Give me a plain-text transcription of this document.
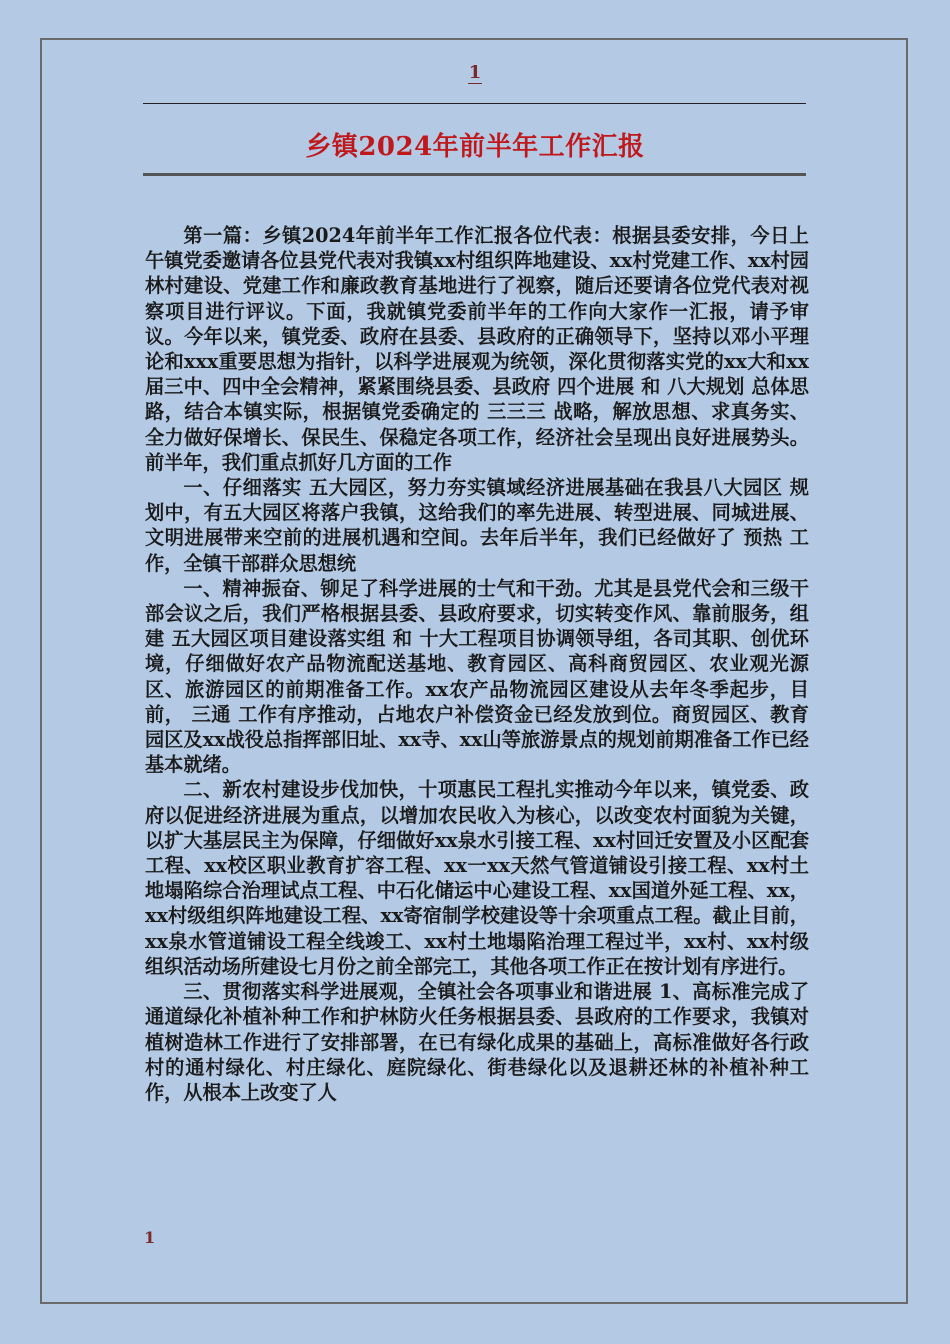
1
乡镇2024年前半年工作汇报

第一篇：乡镇2024年前半年工作汇报各位代表：根据县委安排，今日上午镇党委邀请各位县党代表对我镇xx村组织阵地建设、xx村党建工作、xx村园林村建设、党建工作和廉政教育基地进行了视察，随后还要请各位党代表对视察项目进行评议。下面，我就镇党委前半年的工作向大家作一汇报，请予审议。今年以来，镇党委、政府在县委、县政府的正确领导下，坚持以邓小平理论和xxx重要思想为指针，以科学进展观为统领，深化贯彻落实党的xx大和xx届三中、四中全会精神，紧紧围绕县委、县政府 四个进展 和 八大规划 总体思路，结合本镇实际，根据镇党委确定的 三三三 战略，解放思想、求真务实、全力做好保增长、保民生、保稳定各项工作，经济社会呈现出良好进展势头。前半年，我们重点抓好几方面的工作

一、仔细落实 五大园区，努力夯实镇域经济进展基础在我县八大园区 规划中，有五大园区将落户我镇，这给我们的率先进展、转型进展、同城进展、文明进展带来空前的进展机遇和空间。去年后半年，我们已经做好了 预热 工作，全镇干部群众思想统

一、精神振奋、铆足了科学进展的士气和干劲。尤其是县党代会和三级干部会议之后，我们严格根据县委、县政府要求，切实转变作风、靠前服务，组建 五大园区项目建设落实组 和 十大工程项目协调领导组，各司其职、创优环境，仔细做好农产品物流配送基地、教育园区、高科商贸园区、农业观光源区、旅游园区的前期准备工作。xx农产品物流园区建设从去年冬季起步，目前， 三通 工作有序推动，占地农户补偿资金已经发放到位。商贸园区、教育园区及xx战役总指挥部旧址、xx寺、xx山等旅游景点的规划前期准备工作已经基本就绪。

二、新农村建设步伐加快，十项惠民工程扎实推动今年以来，镇党委、政府以促进经济进展为重点，以增加农民收入为核心，以改变农村面貌为关键，以扩大基层民主为保障，仔细做好xx泉水引接工程、xx村回迁安置及小区配套工程、xx校区职业教育扩容工程、xx一xx天然气管道铺设引接工程、xx村土地塌陷综合治理试点工程、中石化储运中心建设工程、xx国道外延工程、xx，xx村级组织阵地建设工程、xx寄宿制学校建设等十余项重点工程。截止目前，xx泉水管道铺设工程全线竣工、xx村土地塌陷治理工程过半，xx村、xx村级组织活动场所建设七月份之前全部完工，其他各项工作正在按计划有序进行。

三、贯彻落实科学进展观，全镇社会各项事业和谐进展 1、高标准完成了通道绿化补植补种工作和护林防火任务根据县委、县政府的工作要求，我镇对植树造林工作进行了安排部署，在已有绿化成果的基础上，高标准做好各行政村的通村绿化、村庄绿化、庭院绿化、街巷绿化以及退耕还林的补植补种工作，从根本上改变了人

1
